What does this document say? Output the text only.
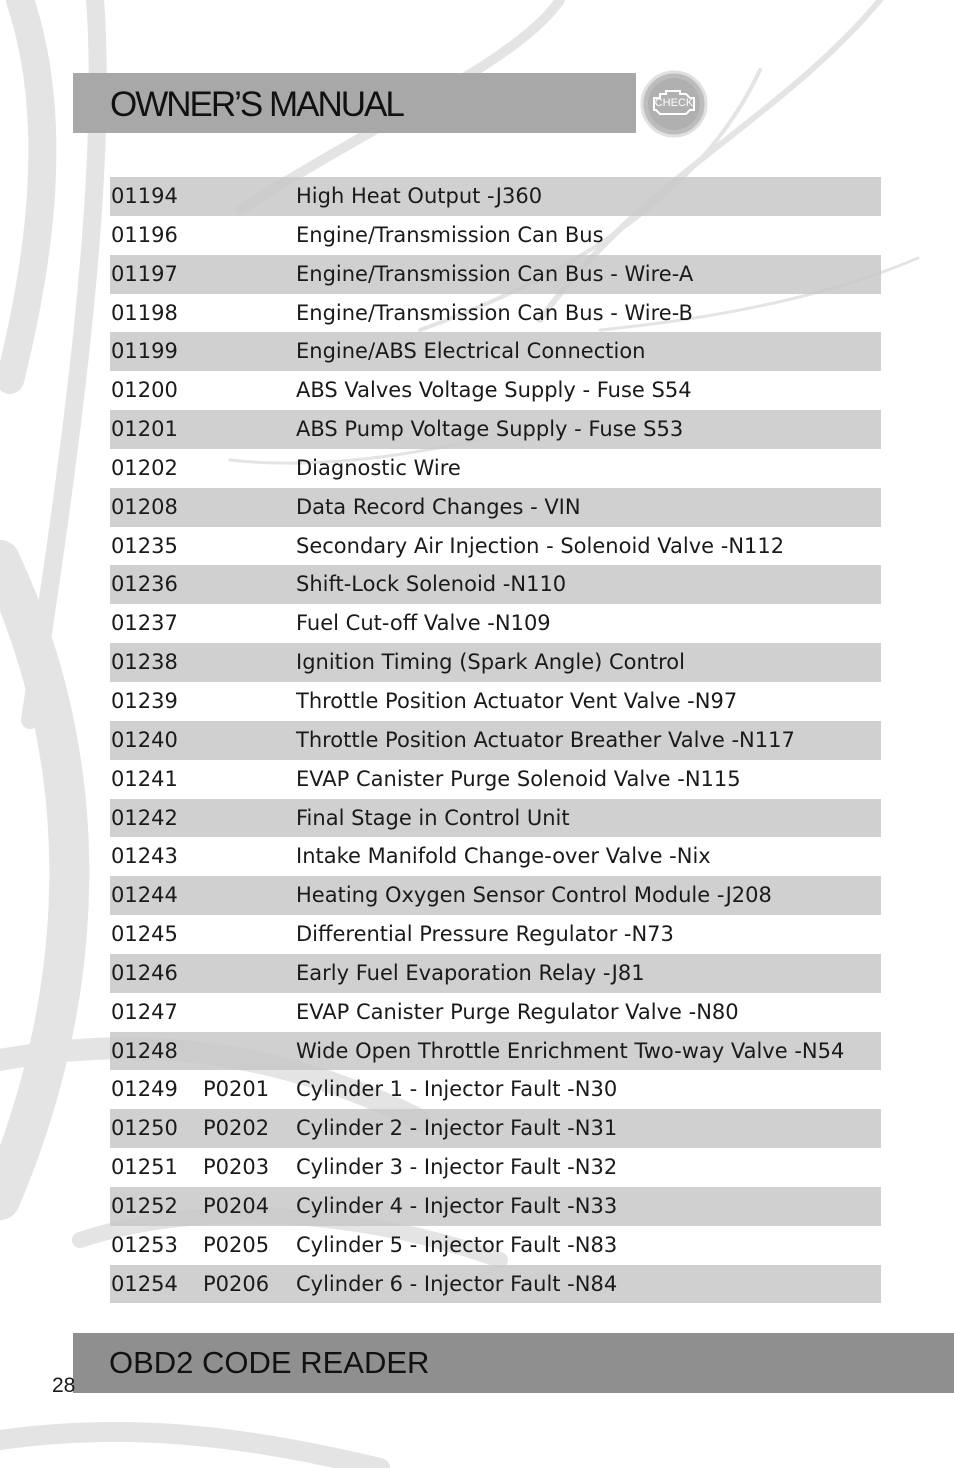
OWNER’S MANUAL	CHECK
01194	High Heat Output -J360
01196	Engine/Transmission Can Bus
01197	Engine/Transmission Can Bus - Wire-A
01198	Engine/Transmission Can Bus - Wire-B
01199	Engine/ABS Electrical Connection
01200	ABS Valves Voltage Supply - Fuse S54
01201	ABS Pump Voltage Supply - Fuse S53
01202	Diagnostic Wire
01208	Data Record Changes - VIN
01235	Secondary Air Injection - Solenoid Valve -N112
01236	Shift-Lock Solenoid -N110
01237	Fuel Cut-off Valve -N109
01238	Ignition Timing (Spark Angle) Control
01239	Throttle Position Actuator Vent Valve -N97
01240	Throttle Position Actuator Breather Valve -N117
01241	EVAP Canister Purge Solenoid Valve -N115
01242	Final Stage in Control Unit
01243	Intake Manifold Change-over Valve -Nix
01244	Heating Oxygen Sensor Control Module -J208
01245	Differential Pressure Regulator -N73
01246	Early Fuel Evaporation Relay -J81
01247	EVAP Canister Purge Regulator Valve -N80
01248	Wide Open Throttle Enrichment Two-way Valve -N54
01249 P0201 Cylinder 1 - Injector Fault -N30
01250 P0202 Cylinder 2 - Injector Fault -N31
01251 P0203 Cylinder 3 - Injector Fault -N32
01252 P0204 Cylinder 4 - Injector Fault -N33
01253 P0205 Cylinder 5 - Injector Fault -N83
01254 P0206 Cylinder 6 - Injector Fault -N84
OBD2 CODE READER
28
